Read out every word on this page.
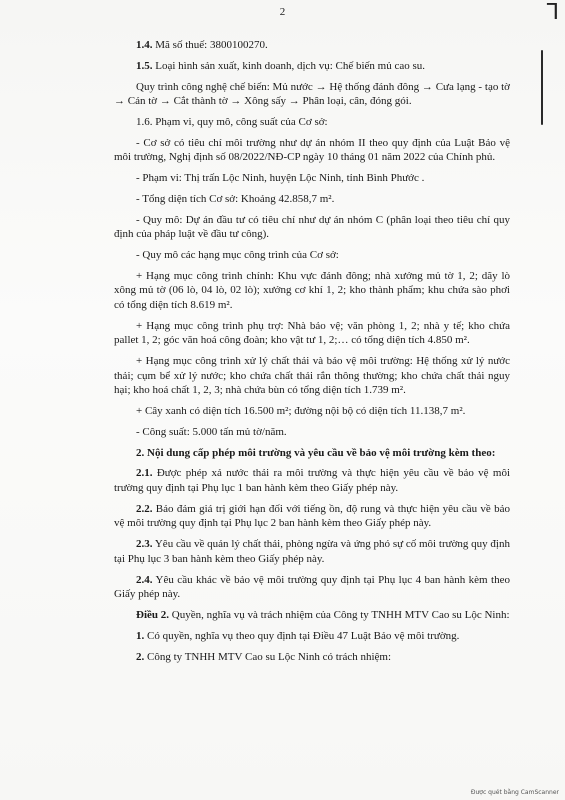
ᒣ
2

1.4. Mã số thuế: 3800100270.

1.5. Loại hình sản xuất, kinh doanh, dịch vụ: Chế biến mủ cao su.

Quy trình công nghệ chế biến: Mủ nước → Hệ thống đánh đông → Cưa lạng - tạo tờ → Cán tờ → Cắt thành tờ → Xông sấy → Phân loại, cân, đóng gói.

1.6. Phạm vi, quy mô, công suất của Cơ sở:

- Cơ sở có tiêu chí môi trường như dự án nhóm II theo quy định của Luật Bảo vệ môi trường, Nghị định số 08/2022/NĐ-CP ngày 10 tháng 01 năm 2022 của Chính phủ.

- Phạm vi: Thị trấn Lộc Ninh, huyện Lộc Ninh, tỉnh Bình Phước .

- Tổng diện tích Cơ sở: Khoảng 42.858,7 m².

- Quy mô: Dự án đầu tư có tiêu chí như dự án nhóm C (phân loại theo tiêu chí quy định của pháp luật về đầu tư công).

- Quy mô các hạng mục công trình của Cơ sở:

+ Hạng mục công trình chính: Khu vực đánh đông; nhà xưởng mủ tờ 1, 2; dãy lò xông mủ tờ (06 lò, 04 lò, 02 lò); xưởng cơ khí 1, 2; kho thành phẩm; khu chứa sào phơi có tổng diện tích 8.619 m².

+ Hạng mục công trình phụ trợ: Nhà bảo vệ; văn phòng 1, 2; nhà y tế; kho chứa pallet 1, 2; góc văn hoá công đoàn; kho vật tư 1, 2;… có tổng diện tích 4.850 m².

+ Hạng mục công trình xử lý chất thải và bảo vệ môi trường: Hệ thống xử lý nước thải; cụm bể xử lý nước; kho chứa chất thải rắn thông thường; kho chứa chất thải nguy hại; kho hoá chất 1, 2, 3; nhà chứa bùn có tổng diện tích 1.739 m².

+ Cây xanh có diện tích 16.500 m²; đường nội bộ có diện tích 11.138,7 m².

- Công suất: 5.000 tấn mủ tờ/năm.

2. Nội dung cấp phép môi trường và yêu cầu về bảo vệ môi trường kèm theo:

2.1. Được phép xả nước thải ra môi trường và thực hiện yêu cầu về bảo vệ môi trường quy định tại Phụ lục 1 ban hành kèm theo Giấy phép này.

2.2. Bảo đảm giá trị giới hạn đối với tiếng ồn, độ rung và thực hiện yêu cầu về bảo vệ môi trường quy định tại Phụ lục 2 ban hành kèm theo Giấy phép này.

2.3. Yêu cầu về quản lý chất thải, phòng ngừa và ứng phó sự cố môi trường quy định tại Phụ lục 3 ban hành kèm theo Giấy phép này.

2.4. Yêu cầu khác về bảo vệ môi trường quy định tại Phụ lục 4 ban hành kèm theo Giấy phép này.

Điều 2. Quyền, nghĩa vụ và trách nhiệm của Công ty TNHH MTV Cao su Lộc Ninh:

1. Có quyền, nghĩa vụ theo quy định tại Điều 47 Luật Bảo vệ môi trường.

2. Công ty TNHH MTV Cao su Lộc Ninh có trách nhiệm:

Được quét bằng CamScanner
